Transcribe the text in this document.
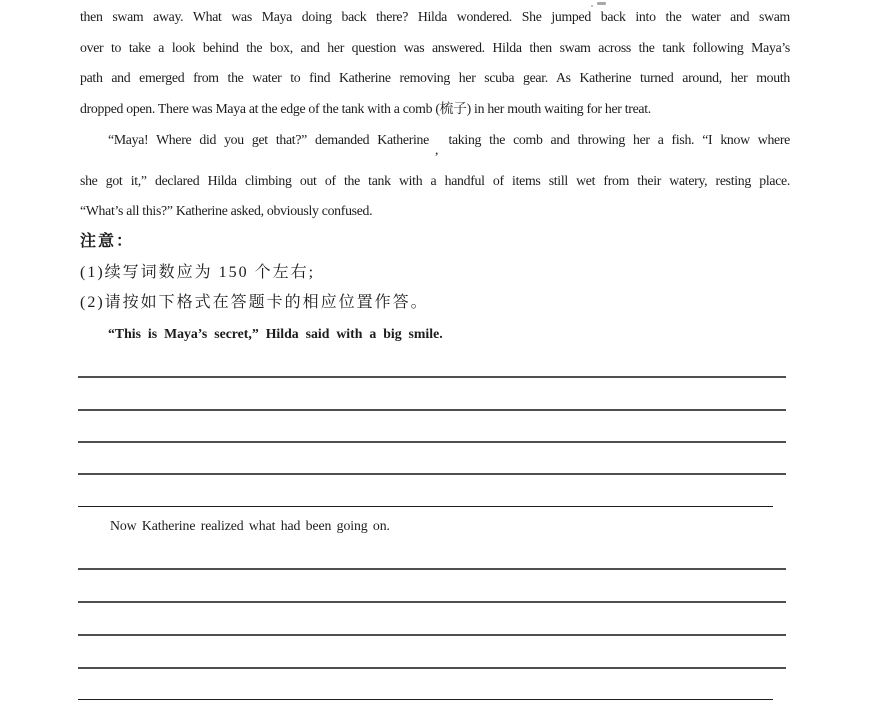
then swam away. What was Maya doing back there? Hilda wondered. She jumped back into the water and swam
over to take a look behind the box, and her question was answered. Hilda then swam across the tank following Maya’s
path and emerged from the water to find Katherine removing her scuba gear. As Katherine turned around, her mouth
dropped open. There was Maya at the edge of the tank with a comb (梳子) in her mouth waiting for her treat.
“Maya! Where did you get that?” demanded Katherine, taking the comb and throwing her a fish. “I know where
she got it,” declared Hilda climbing out of the tank with a handful of items still wet from their watery, resting place.
“What’s all this?” Katherine asked, obviously confused.
注意：
(1)续写词数应为 150 个左右;
(2)请按如下格式在答题卡的相应位置作答。
“This is Maya’s secret,” Hilda said with a big smile.
Now Katherine realized what had been going on.
